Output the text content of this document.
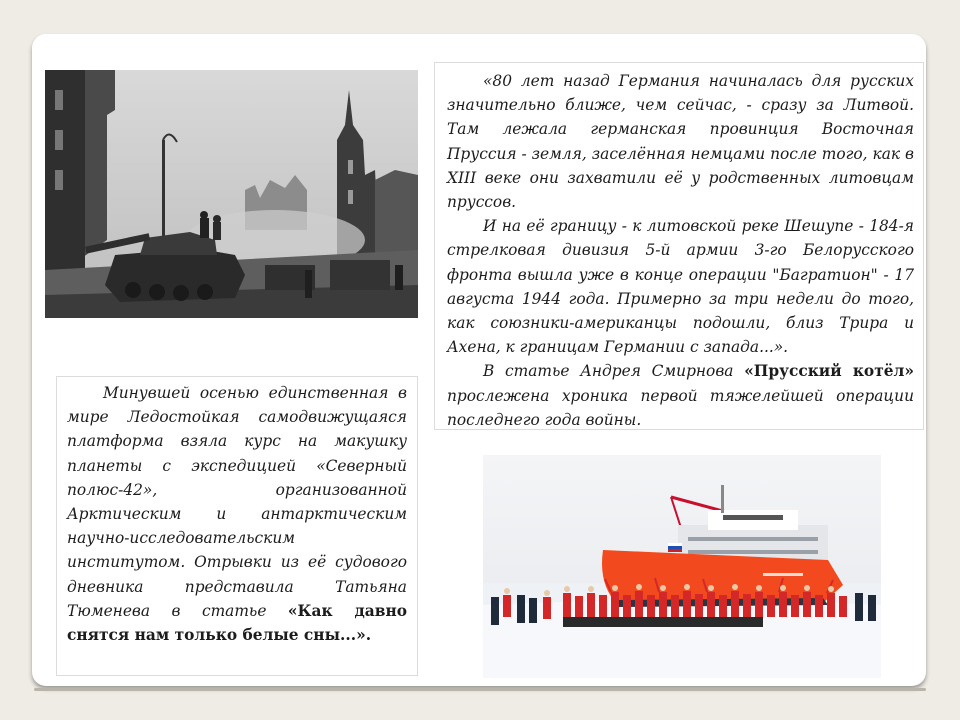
«80 лет назад Германия начиналась для русских значительно ближе, чем сейчас, - сразу за Литвой. Там лежала германская провинция Восточная Пруссия - земля, заселённая немцами после того, как в XIII веке они захватили её у родственных литовцам пруссов.

И на её границу - к литовской реке Шешупе - 184-я стрелковая дивизия 5-й армии 3-го Белорусского фронта вышла уже в конце операции "Багратион" - 17 августа 1944 года. Примерно за три недели до того, как союзники-американцы подошли, близ Трира и Ахена, к границам Германии с запада...».

В статье Андрея Смирнова «Прусский котёл» прослежена хроника первой тяжелейшей операции последнего года войны.

Минувшей осенью единственная в мире Ледостойкая самодвижущаяся платформа взяла курс на макушку планеты с экспедицией «Северный полюс-42», организованной Арктическим и антарктическим научно-исследовательским институтом. Отрывки из её судового дневника представила Татьяна Тюменева в статье «Как давно снятся нам только белые сны...».
